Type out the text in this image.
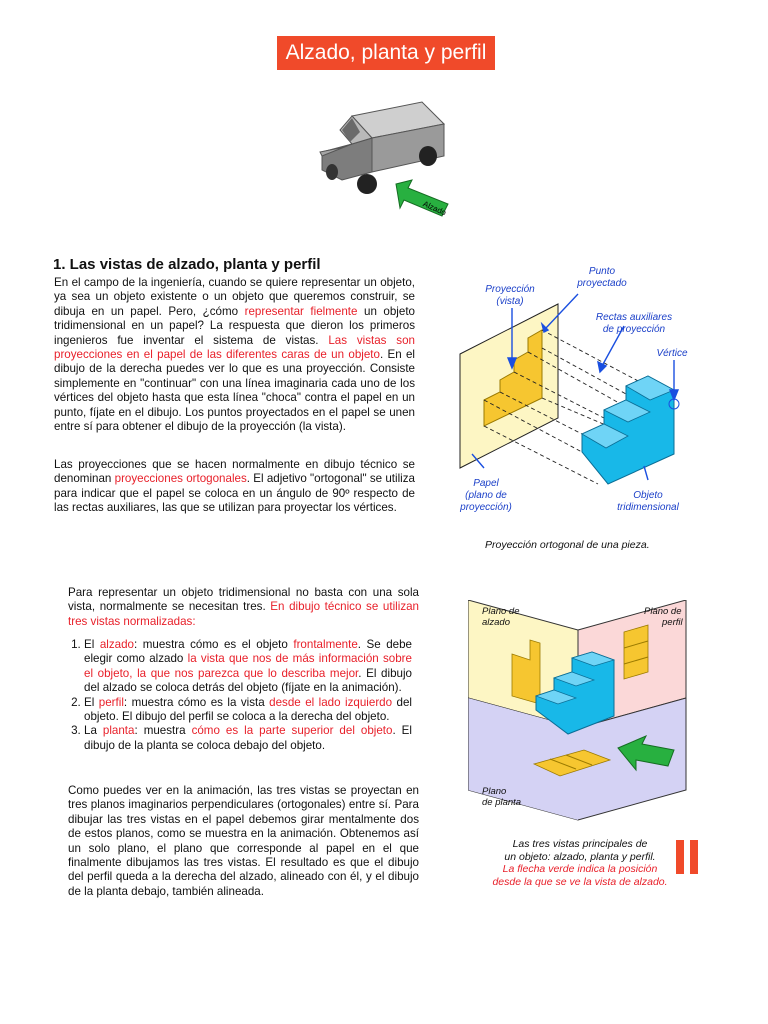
Alzado, planta y perfil
Alzado
1. Las vistas de alzado, planta y perfil
En el campo de la ingeniería, cuando se quiere representar un objeto, ya sea un objeto existente o un objeto que queremos construir, se dibuja en un papel. Pero, ¿cómo representar fielmente un objeto tridimensional en un papel? La respuesta que dieron los primeros ingenieros fue inventar el sistema de vistas. Las vistas son proyecciones en el papel de las diferentes caras de un objeto. En el dibujo de la derecha puedes ver lo que es una proyección. Consiste simplemente en "continuar" con una línea imaginaria cada uno de los vértices del objeto hasta que esta línea "choca" contra el papel en un punto, fíjate en el dibujo. Los puntos proyectados en el papel se unen entre sí para obtener el dibujo de la proyección (la vista).
Las proyecciones que se hacen normalmente en dibujo técnico se denominan proyecciones ortogonales. El adjetivo "ortogonal" se utiliza para indicar que el papel se coloca en un ángulo de 90º respecto de las rectas auxiliares, las que se utilizan para proyectar los vértices.
Proyección
(vista)
Punto
proyectado
Rectas auxiliares
de proyección
Vértice
Papel
(plano de
proyección)
Objeto
tridimensional
Proyección ortogonal de una pieza.
Para representar un objeto tridimensional no basta con una sola vista, normalmente se necesitan tres. En dibujo técnico se utilizan tres vistas normalizadas:
1. El alzado: muestra cómo es el objeto frontalmente. Se debe elegir como alzado la vista que nos de más información sobre el objeto, la que nos parezca que lo describa mejor. El dibujo del alzado se coloca detrás del objeto (fíjate en la animación).
2. El perfil: muestra cómo es la vista desde el lado izquierdo del objeto. El dibujo del perfil se coloca a la derecha del objeto.
3. La planta: muestra cómo es la parte superior del objeto. El dibujo de la planta se coloca debajo del objeto.
Como puedes ver en la animación, las tres vistas se proyectan en tres planos imaginarios perpendiculares (ortogonales) entre sí. Para dibujar las tres vistas en el papel debemos girar mentalmente dos de estos planos, como se muestra en la animación. Obtenemos así un solo plano, el plano que corresponde al papel en el que finalmente dibujamos las tres vistas. El resultado es que el dibujo del perfil queda a la derecha del alzado, alineado con él, y el dibujo de la planta debajo, también alineada.
Plano de
alzado
Plano de
perfil
Plano
de planta
Las tres vistas principales de
un objeto: alzado, planta y perfil.
La flecha verde indica la posición
desde la que se ve la vista de alzado.
